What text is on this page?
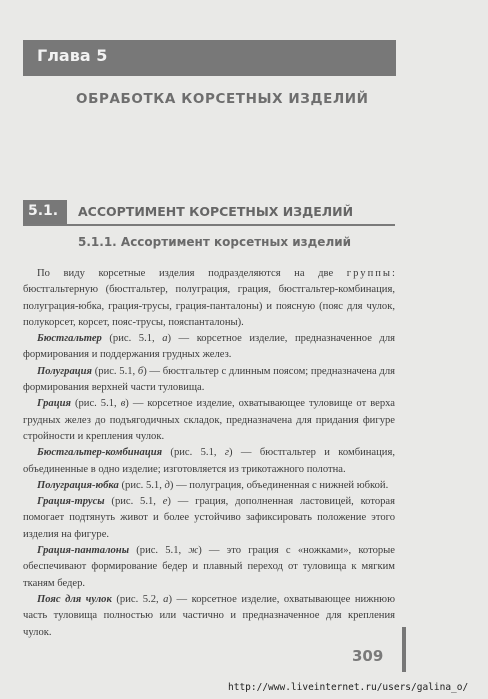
Глава 5
ОБРАБОТКА КОРСЕТНЫХ ИЗДЕЛИЙ
5.1. АССОРТИМЕНТ КОРСЕТНЫХ ИЗДЕЛИЙ
5.1.1. Ассортимент корсетных изделий

По виду корсетные изделия подразделяются на две группы: бюстгальтерную (бюстгальтер, полуграция, грация, бюстгальтер-комбинация, полуграция-юбка, грация-трусы, грация-панталоны) и поясную (пояс для чулок, полукорсет, корсет, пояс-трусы, пояспанталоны).

Бюстгальтер (рис. 5.1, а) — корсетное изделие, предназначенное для формирования и поддержания грудных желез.

Полуграция (рис. 5.1, б) — бюстгальтер с длинным поясом; предназначена для формирования верхней части туловища.

Грация (рис. 5.1, в) — корсетное изделие, охватывающее туловище от верха грудных желез до подъягодичных складок, предназначена для придания фигуре стройности и крепления чулок.

Бюстгальтер-комбинация (рис. 5.1, г) — бюстгальтер и комбинация, объединенные в одно изделие; изготовляется из трикотажного полотна.

Полуграция-юбка (рис. 5.1, д) — полуграция, объединенная с нижней юбкой.

Грация-трусы (рис. 5.1, е) — грация, дополненная ластовицей, которая помогает подтянуть живот и более устойчиво зафиксировать положение этого изделия на фигуре.

Грация-панталоны (рис. 5.1, ж) — это грация с «ножками», которые обеспечивают формирование бедер и плавный переход от туловища к мягким тканям бедер.

Пояс для чулок (рис. 5.2, а) — корсетное изделие, охватывающее нижнюю часть туловища полностью или частично и предназначенное для крепления чулок.

309
http://www.liveinternet.ru/users/galina_o/
